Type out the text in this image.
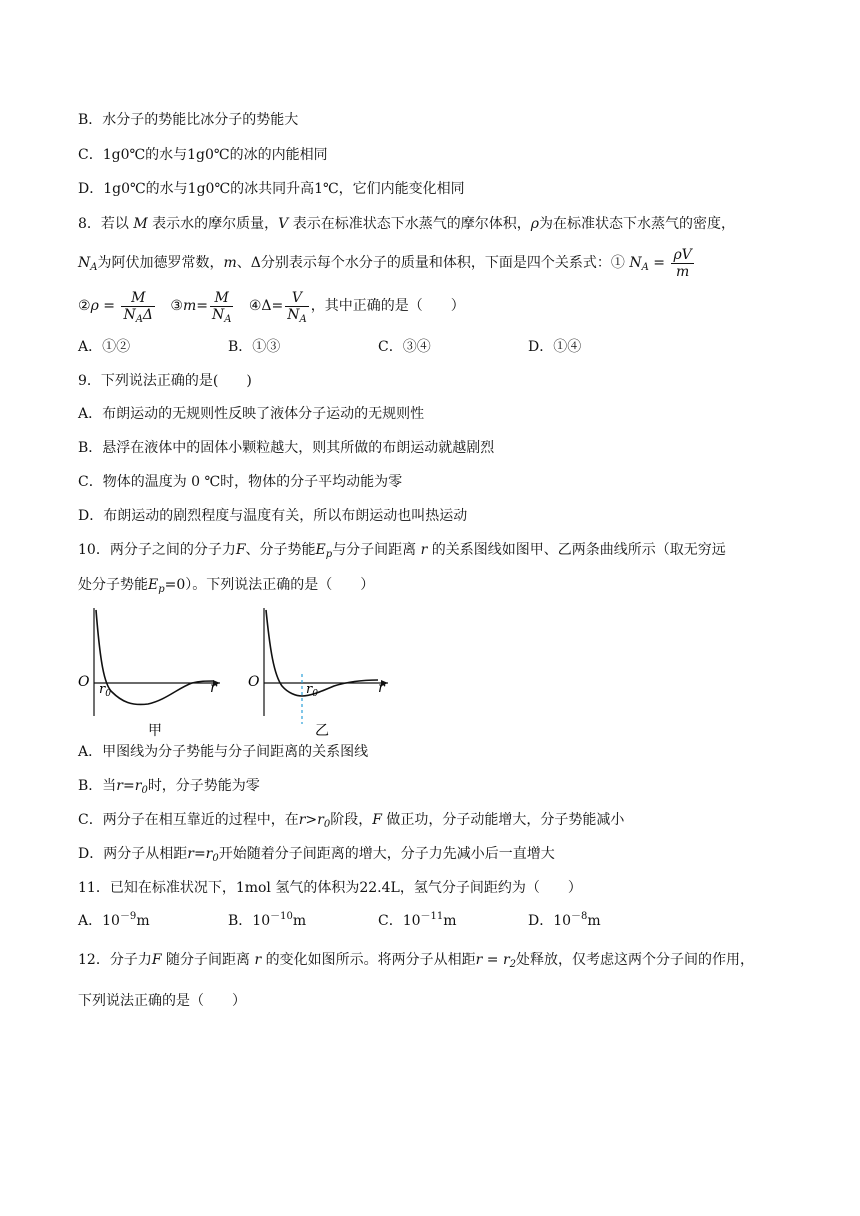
B．水分子的势能比冰分子的势能大
C．1g0℃的水与1g0℃的冰的内能相同
D．1g0℃的水与1g0℃的冰共同升高1℃，它们内能变化相同
8．若以 M 表示水的摩尔质量，V 表示在标准状态下水蒸气的摩尔体积，ρ为在标准状态下水蒸气的密度，
$N_A$为阿伏加德罗常数，m、Δ分别表示每个水分子的质量和体积，下面是四个关系式：① $N_A = \frac{\rho V}{m}$
②ρ = $\frac{M}{N_A\Delta}$ ③m= $\frac{M}{N_A}$ ④Δ= $\frac{V}{N_A}$ ，其中正确的是（　　）
A．①②	B．①③	C．③④	D．①④
9．下列说法正确的是(　　)
A．布朗运动的无规则性反映了液体分子运动的无规则性
B．悬浮在液体中的固体小颗粒越大，则其所做的布朗运动就越剧烈
C．物体的温度为 0 ℃时，物体的分子平均动能为零
D．布朗运动的剧烈程度与温度有关，所以布朗运动也叫热运动
10．两分子之间的分子力F、分子势能$E_p$与分子间距离 r 的关系图线如图甲、乙两条曲线所示（取无穷远
处分子势能$E_p=0$）。下列说法正确的是（　　）
O $r_0$	r
甲
O	$r_0$	r
乙
A．甲图线为分子势能与分子间距离的关系图线
B．当$r=r_0$时，分子势能为零
C．两分子在相互靠近的过程中，在$r>r_0$阶段，F 做正功，分子动能增大，分子势能减小
D．两分子从相距$r=r_0$开始随着分子间距离的增大，分子力先减小后一直增大
11．已知在标准状况下，1mol 氢气的体积为22.4L，氢气分子间距约为（　　）
A．$10^{-9}m$	B．$10^{-10}m$	C．$10^{-11}m$	D．$10^{-8}m$
12．分子力F 随分子间距离 r 的变化如图所示。将两分子从相距$r = r_2$处释放，仅考虑这两个分子间的作用，
下列说法正确的是（　　）
